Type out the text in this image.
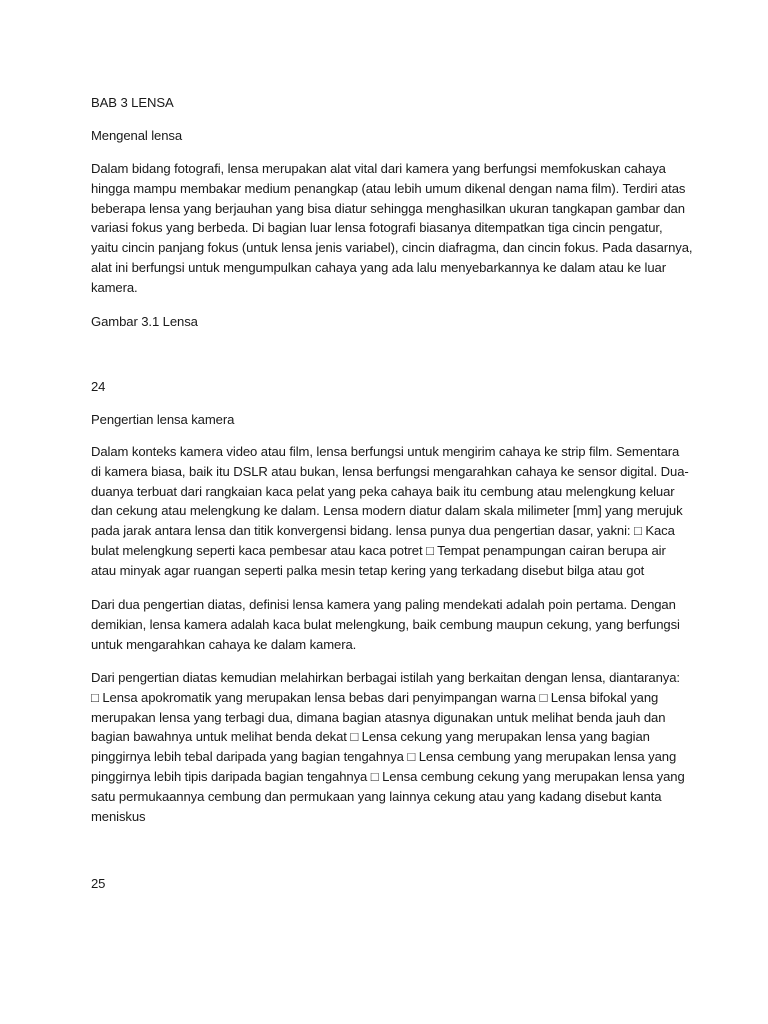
BAB 3 LENSA
Mengenal lensa
Dalam bidang fotografi, lensa merupakan alat vital dari kamera yang berfungsi memfokuskan cahaya
hingga mampu membakar medium penangkap (atau lebih umum dikenal dengan nama film). Terdiri atas
beberapa lensa yang berjauhan yang bisa diatur sehingga menghasilkan ukuran tangkapan gambar dan
variasi fokus yang berbeda. Di bagian luar lensa fotografi biasanya ditempatkan tiga cincin pengatur,
yaitu cincin panjang fokus (untuk lensa jenis variabel), cincin diafragma, dan cincin fokus. Pada dasarnya,
alat ini berfungsi untuk mengumpulkan cahaya yang ada lalu menyebarkannya ke dalam atau ke luar
kamera.
Gambar 3.1 Lensa
24
Pengertian lensa kamera
Dalam konteks kamera video atau film, lensa berfungsi untuk mengirim cahaya ke strip film. Sementara
di kamera biasa, baik itu DSLR atau bukan, lensa berfungsi mengarahkan cahaya ke sensor digital. Dua-
duanya terbuat dari rangkaian kaca pelat yang peka cahaya baik itu cembung atau melengkung keluar
dan cekung atau melengkung ke dalam. Lensa modern diatur dalam skala milimeter [mm] yang merujuk
pada jarak antara lensa dan titik konvergensi bidang. lensa punya dua pengertian dasar, yakni: □ Kaca
bulat melengkung seperti kaca pembesar atau kaca potret □ Tempat penampungan cairan berupa air
atau minyak agar ruangan seperti palka mesin tetap kering yang terkadang disebut bilga atau got
Dari dua pengertian diatas, definisi lensa kamera yang paling mendekati adalah poin pertama. Dengan
demikian, lensa kamera adalah kaca bulat melengkung, baik cembung maupun cekung, yang berfungsi
untuk mengarahkan cahaya ke dalam kamera.
Dari pengertian diatas kemudian melahirkan berbagai istilah yang berkaitan dengan lensa, diantaranya:
□ Lensa apokromatik yang merupakan lensa bebas dari penyimpangan warna □ Lensa bifokal yang
merupakan lensa yang terbagi dua, dimana bagian atasnya digunakan untuk melihat benda jauh dan
bagian bawahnya untuk melihat benda dekat □ Lensa cekung yang merupakan lensa yang bagian
pinggirnya lebih tebal daripada yang bagian tengahnya □ Lensa cembung yang merupakan lensa yang
pinggirnya lebih tipis daripada bagian tengahnya □ Lensa cembung cekung yang merupakan lensa yang
satu permukaannya cembung dan permukaan yang lainnya cekung atau yang kadang disebut kanta
meniskus
25
